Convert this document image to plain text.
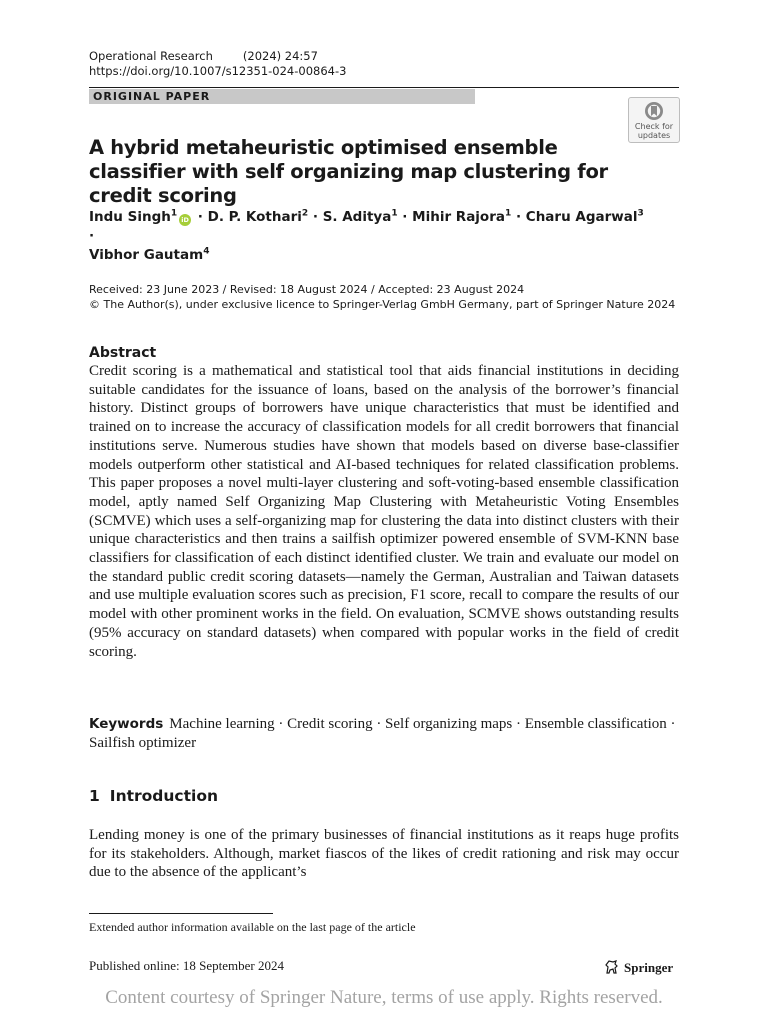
Operational Research	(2024) 24:57
https://doi.org/10.1007/s12351-024-00864-3
ORIGINAL PAPER
Check for updates
A hybrid metaheuristic optimised ensemble classifier with self organizing map clustering for credit scoring
Indu Singh$^1$iD · D. P. Kothari$^2$ · S. Aditya$^1$ · Mihir Rajora$^1$ · Charu Agarwal$^3$ ·
Vibhor Gautam$^4$
Received: 23 June 2023 / Revised: 18 August 2024 / Accepted: 23 August 2024
© The Author(s), under exclusive licence to Springer-Verlag GmbH Germany, part of Springer Nature 2024
Abstract
Credit scoring is a mathematical and statistical tool that aids financial institutions in deciding suitable candidates for the issuance of loans, based on the analysis of the borrower’s financial history. Distinct groups of borrowers have unique characteristics that must be identified and trained on to increase the accuracy of classification models for all credit borrowers that financial institutions serve. Numerous studies have shown that models based on diverse base-classifier models outperform other statistical and AI-based techniques for related classification problems. This paper proposes a novel multi-layer clustering and soft-voting-based ensemble classification model, aptly named Self Organizing Map Clustering with Metaheuristic Voting Ensembles (SCMVE) which uses a self-organizing map for clustering the data into distinct clusters with their unique characteristics and then trains a sailfish optimizer powered ensemble of SVM-KNN base classifiers for classification of each distinct identified cluster. We train and evaluate our model on the standard public credit scoring datasets—namely the German, Australian and Taiwan datasets and use multiple evaluation scores such as precision, F1 score, recall to compare the results of our model with other prominent works in the field. On evaluation, SCMVE shows outstanding results (95% accuracy on standard datasets) when compared with popular works in the field of credit scoring.
Keywords Machine learning · Credit scoring · Self organizing maps · Ensemble classification · Sailfish optimizer
1 Introduction
Lending money is one of the primary businesses of financial institutions as it reaps huge profits for its stakeholders. Although, market fiascos of the likes of credit rationing and risk may occur due to the absence of the applicant’s
Extended author information available on the last page of the article
Published online: 18 September 2024	Springer
Content courtesy of Springer Nature, terms of use apply. Rights reserved.
